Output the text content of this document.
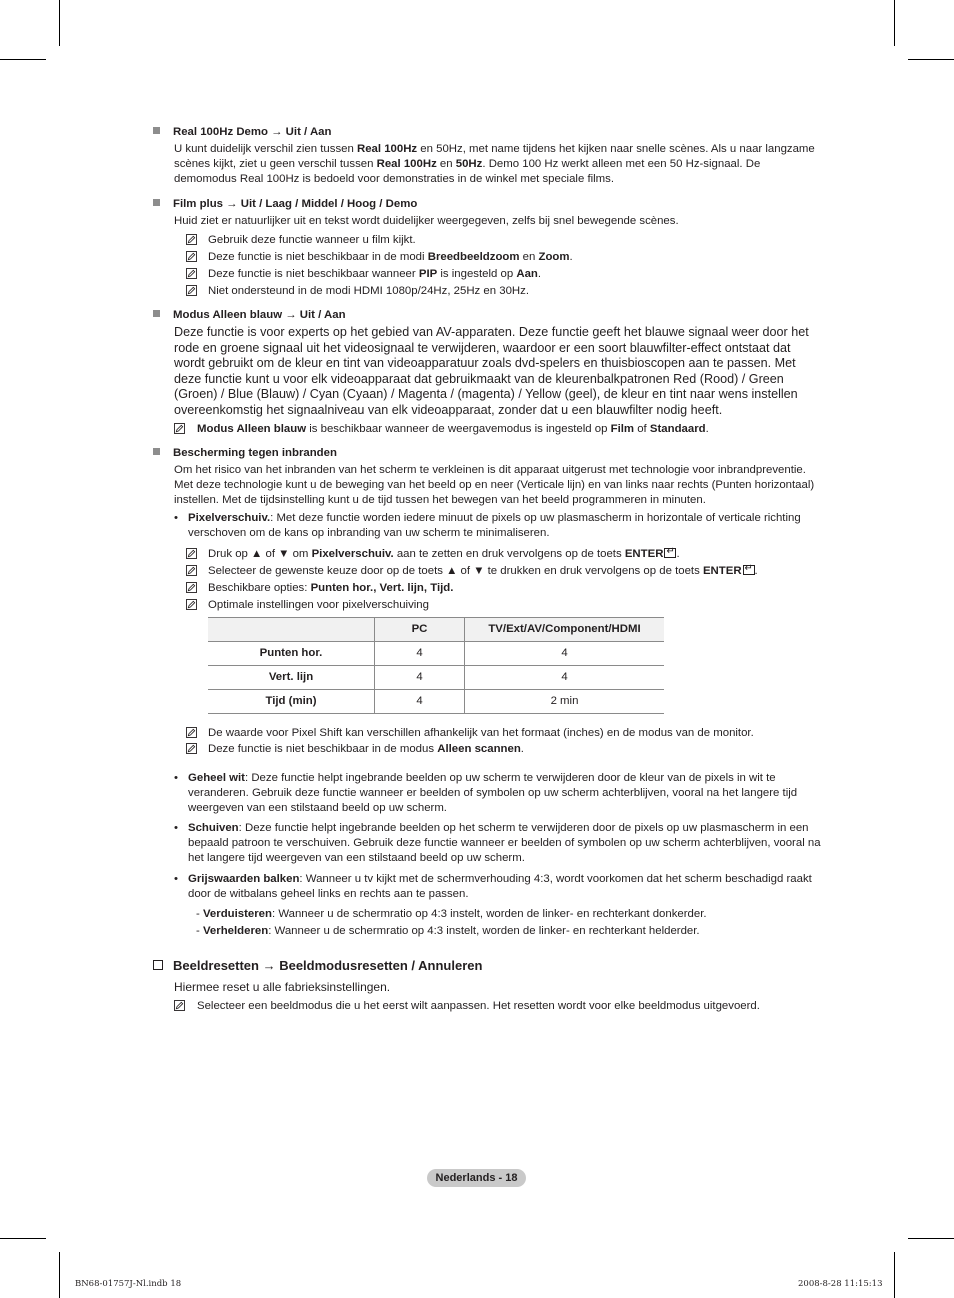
Real 100Hz Demo → Uit / Aan
U kunt duidelijk verschil zien tussen Real 100Hz en 50Hz, met name tijdens het kijken naar snelle scènes. Als u naar langzame scènes kijkt, ziet u geen verschil tussen Real 100Hz en 50Hz. Demo 100 Hz werkt alleen met een 50 Hz-signaal. De demomodus Real 100Hz is bedoeld voor demonstraties in de winkel met speciale films.
Film plus → Uit / Laag / Middel / Hoog / Demo
Huid ziet er natuurlijker uit en tekst wordt duidelijker weergegeven, zelfs bij snel bewegende scènes.
Gebruik deze functie wanneer u film kijkt.
Deze functie is niet beschikbaar in de modi Breedbeeldzoom en Zoom.
Deze functie is niet beschikbaar wanneer PIP is ingesteld op Aan.
Niet ondersteund in de modi HDMI 1080p/24Hz, 25Hz en 30Hz.
Modus Alleen blauw → Uit / Aan
Deze functie is voor experts op het gebied van AV-apparaten. Deze functie geeft het blauwe signaal weer door het rode en groene signaal uit het videosignaal te verwijderen, waardoor er een soort blauwfilter-effect ontstaat dat wordt gebruikt om de kleur en tint van videoapparatuur zoals dvd-spelers en thuisbioscopen aan te passen. Met deze functie kunt u voor elk videoapparaat dat gebruikmaakt van de kleurenbalkpatronen Red (Rood) / Green (Groen) / Blue (Blauw) / Cyan (Cyaan) / Magenta / (magenta) / Yellow (geel), de kleur en tint naar wens instellen overeenkomstig het signaalniveau van elk videoapparaat, zonder dat u een blauwfilter nodig heeft.
Modus Alleen blauw is beschikbaar wanneer de weergavemodus is ingesteld op Film of Standaard.
Bescherming tegen inbranden
Om het risico van het inbranden van het scherm te verkleinen is dit apparaat uitgerust met technologie voor inbrandpreventie. Met deze technologie kunt u de beweging van het beeld op en neer (Verticale lijn) en van links naar rechts (Punten horizontaal) instellen. Met de tijdsinstelling kunt u de tijd tussen het bewegen van het beeld programmeren in minuten.
• Pixelverschuiv.: Met deze functie worden iedere minuut de pixels op uw plasmascherm in horizontale of verticale richting verschoven om de kans op inbranding van uw scherm te minimaliseren.
Druk op ▲ of ▼ om Pixelverschuiv. aan te zetten en druk vervolgens op de toets ENTER ↵ .
Selecteer de gewenste keuze door op de toets ▲ of ▼ te drukken en druk vervolgens op de toets ENTER ↵ .
Beschikbare opties: Punten hor., Vert. lijn, Tijd.
Optimale instellingen voor pixelverschuiving
	PC	TV/Ext/AV/Component/HDMI
Punten hor.	4	4
Vert. lijn	4	4
Tijd (min)	4	2 min
De waarde voor Pixel Shift kan verschillen afhankelijk van het formaat (inches) en de modus van de monitor.
Deze functie is niet beschikbaar in de modus Alleen scannen.
• Geheel wit: Deze functie helpt ingebrande beelden op uw scherm te verwijderen door de kleur van de pixels in wit te veranderen. Gebruik deze functie wanneer er beelden of symbolen op uw scherm achterblijven, vooral na het langere tijd weergeven van een stilstaand beeld op uw scherm.
• Schuiven: Deze functie helpt ingebrande beelden op het scherm te verwijderen door de pixels op uw plasmascherm in een bepaald patroon te verschuiven. Gebruik deze functie wanneer er beelden of symbolen op uw scherm achterblijven, vooral na het langere tijd weergeven van een stilstaand beeld op uw scherm.
• Grijswaarden balken: Wanneer u tv kijkt met de schermverhouding 4:3, wordt voorkomen dat het scherm beschadigd raakt door de witbalans geheel links en rechts aan te passen.
- Verduisteren: Wanneer u de schermratio op 4:3 instelt, worden de linker- en rechterkant donkerder.
- Verhelderen: Wanneer u de schermratio op 4:3 instelt, worden de linker- en rechterkant helderder.
Beeldresetten → Beeldmodusresetten / Annuleren
Hiermee reset u alle fabrieksinstellingen.
Selecteer een beeldmodus die u het eerst wilt aanpassen. Het resetten wordt voor elke beeldmodus uitgevoerd.
Nederlands - 18
BN68-01757J-Nl.indb 18	2008-8-28 11:15:13
